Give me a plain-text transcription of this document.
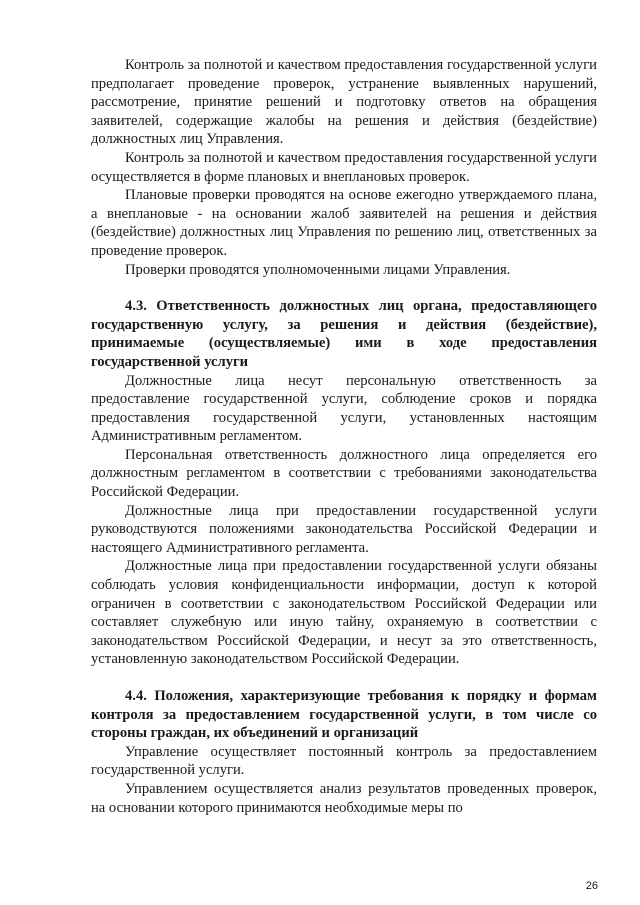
Контроль за полнотой и качеством предоставления государственной услуги предполагает проведение проверок, устранение выявленных нарушений, рассмотрение, принятие решений и подготовку ответов на обращения заявителей, содержащие жалобы на решения и действия (бездействие) должностных лиц Управления.

Контроль за полнотой и качеством предоставления государственной услуги осуществляется в форме плановых и внеплановых проверок.

Плановые проверки проводятся на основе ежегодно утверждаемого плана, а внеплановые - на основании жалоб заявителей на решения и действия (бездействие) должностных лиц Управления по решению лиц, ответственных за проведение проверок.

Проверки проводятся уполномоченными лицами Управления.

4.3. Ответственность должностных лиц органа, предоставляющего государственную услугу, за решения и действия (бездействие), принимаемые (осуществляемые) ими в ходе предоставления государственной услуги

Должностные лица несут персональную ответственность за предоставление государственной услуги, соблюдение сроков и порядка предоставления государственной услуги, установленных настоящим Административным регламентом.

Персональная ответственность должностного лица определяется его должностным регламентом в соответствии с требованиями законодательства Российской Федерации.

Должностные лица при предоставлении государственной услуги руководствуются положениями законодательства Российской Федерации и настоящего Административного регламента.

Должностные лица при предоставлении государственной услуги обязаны соблюдать условия конфиденциальности информации, доступ к которой ограничен в соответствии с законодательством Российской Федерации или составляет служебную или иную тайну, охраняемую в соответствии с законодательством Российской Федерации, и несут за это ответственность, установленную законодательством Российской Федерации.

4.4. Положения, характеризующие требования к порядку и формам контроля за предоставлением государственной услуги, в том числе со стороны граждан, их объединений и организаций

Управление осуществляет постоянный контроль за предоставлением государственной услуги.

Управлением осуществляется анализ результатов проведенных проверок, на основании которого принимаются необходимые меры по

26
